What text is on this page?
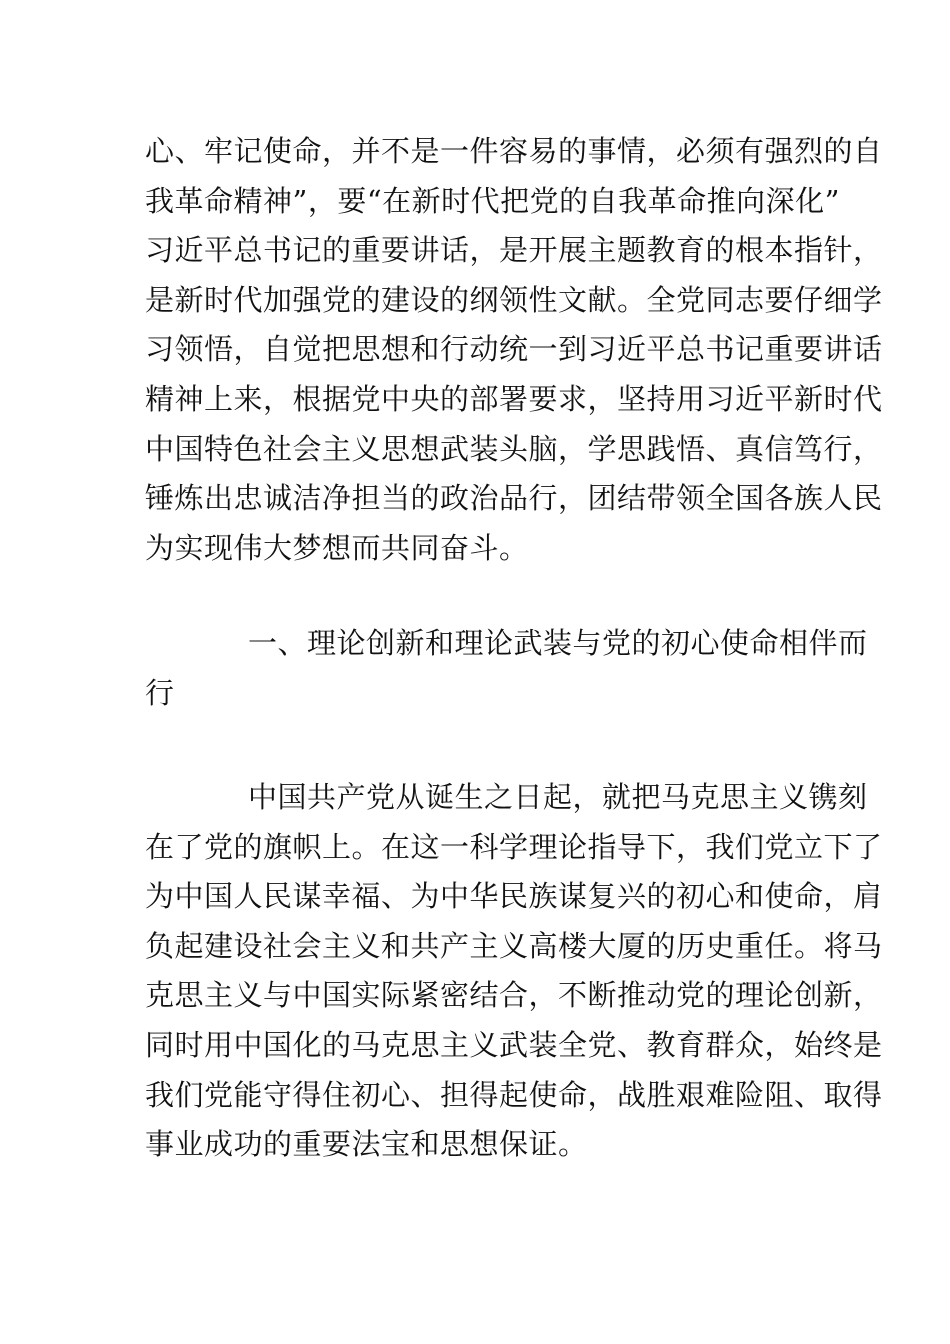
心、牢记使命，并不是一件容易的事情，必须有强烈的自
我革命精神”，要“在新时代把党的自我革命推向深化”
习近平总书记的重要讲话，是开展主题教育的根本指针，
是新时代加强党的建设的纲领性文献。全党同志要仔细学
习领悟，自觉把思想和行动统一到习近平总书记重要讲话
精神上来，根据党中央的部署要求，坚持用习近平新时代
中国特色社会主义思想武装头脑，学思践悟、真信笃行，
锤炼出忠诚洁净担当的政治品行，团结带领全国各族人民
为实现伟大梦想而共同奋斗。
一、理论创新和理论武装与党的初心使命相伴而
行
中国共产党从诞生之日起，就把马克思主义镌刻
在了党的旗帜上。在这一科学理论指导下，我们党立下了
为中国人民谋幸福、为中华民族谋复兴的初心和使命，肩
负起建设社会主义和共产主义高楼大厦的历史重任。将马
克思主义与中国实际紧密结合，不断推动党的理论创新，
同时用中国化的马克思主义武装全党、教育群众，始终是
我们党能守得住初心、担得起使命，战胜艰难险阻、取得
事业成功的重要法宝和思想保证。
